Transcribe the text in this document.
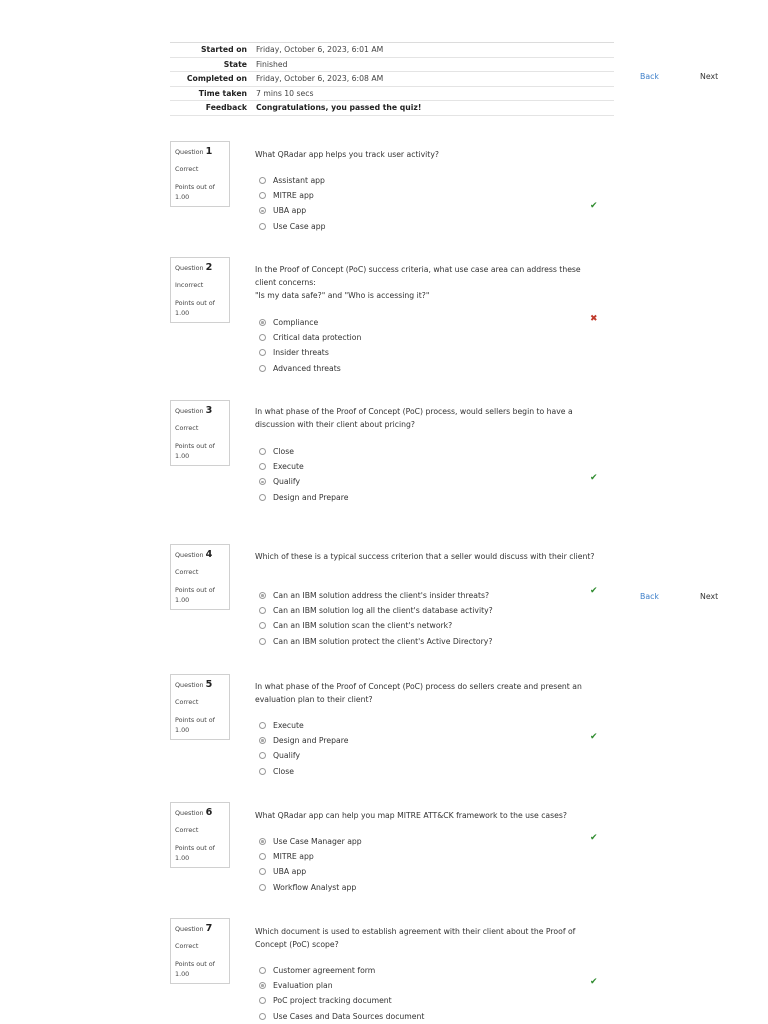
Started on	Friday, October 6, 2023, 6:01 AM
State	Finished
Completed on	Friday, October 6, 2023, 6:08 AM
Time taken	7 mins 10 secs
Feedback	Congratulations, you passed the quiz!
Back	Next
Back	Next
Question 1
Correct
Points out of
1.00
What QRadar app helps you track user activity?
Assistant app
MITRE app
UBA app
Use Case app
✔
Question 2
Incorrect
Points out of
1.00
In the Proof of Concept (PoC) success criteria, what use case area can address these client concerns:
"Is my data safe?" and "Who is accessing it?"
Compliance
Critical data protection
Insider threats
Advanced threats
✖
Question 3
Correct
Points out of
1.00
In what phase of the Proof of Concept (PoC) process, would sellers begin to have a discussion with their client about pricing?
Close
Execute
Qualify
Design and Prepare
✔
Question 4
Correct
Points out of
1.00
Which of these is a typical success criterion that a seller would discuss with their client?
Can an IBM solution address the client's insider threats?
Can an IBM solution log all the client's database activity?
Can an IBM solution scan the client's network?
Can an IBM solution protect the client's Active Directory?
✔
Question 5
Correct
Points out of
1.00
In what phase of the Proof of Concept (PoC) process do sellers create and present an evaluation plan to their client?
Execute
Design and Prepare
Qualify
Close
✔
Question 6
Correct
Points out of
1.00
What QRadar app can help you map MITRE ATT&CK framework to the use cases?
Use Case Manager app
MITRE app
UBA app
Workflow Analyst app
✔
Question 7
Correct
Points out of
1.00
Which document is used to establish agreement with their client about the Proof of Concept (PoC) scope?
Customer agreement form
Evaluation plan
PoC project tracking document
Use Cases and Data Sources document
✔
